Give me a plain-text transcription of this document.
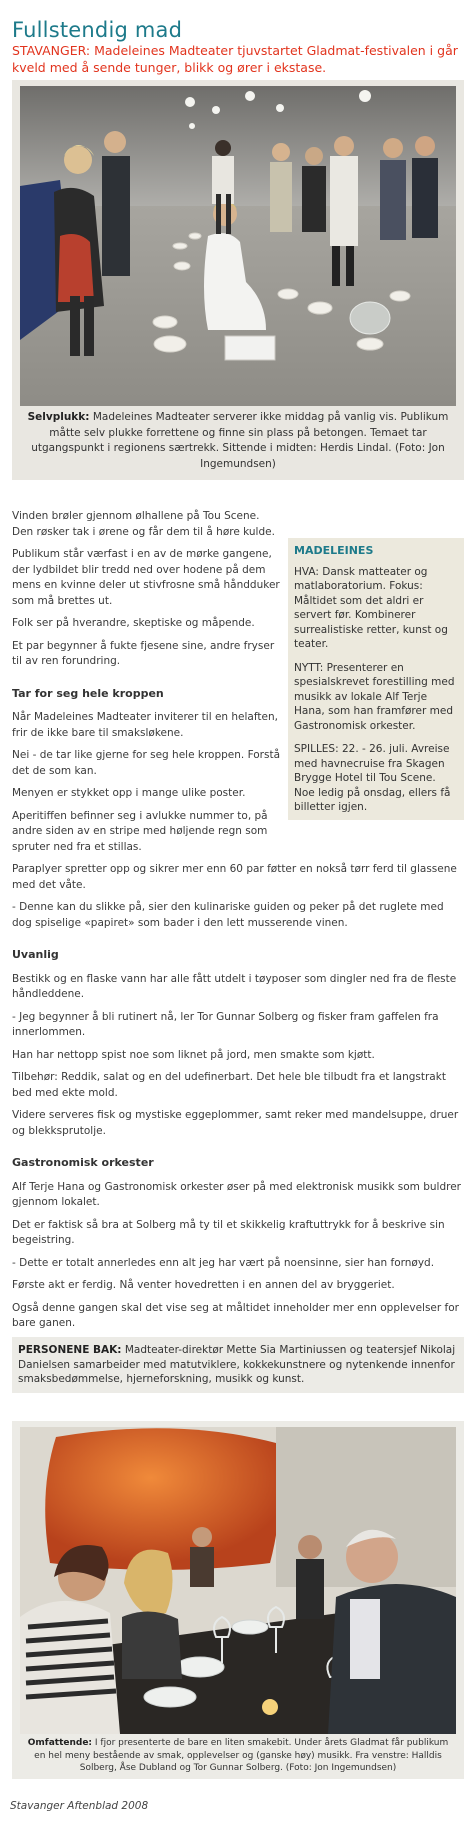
Fullstendig mad
STAVANGER: Madeleines Madteater tjuvstartet Gladmat-festivalen i går kveld med å sende tunger, blikk og ører i ekstase.
Selvplukk: Madeleines Madteater serverer ikke middag på vanlig vis. Publikum måtte selv plukke forrettene og finne sin plass på betongen. Temaet tar utgangspunkt i regionens særtrekk. Sittende i midten: Herdis Lindal. (Foto: Jon Ingemundsen)
Vinden brøler gjennom ølhallene på Tou Scene. Den røsker tak i ørene og får dem til å høre kulde.
Publikum står værfast i en av de mørke gangene, der lydbildet blir tredd ned over hodene på dem mens en kvinne deler ut stivfrosne små håndduker som må brettes ut.
Folk ser på hverandre, skeptiske og måpende.
Et par begynner å fukte fjesene sine, andre fryser til av ren forundring.
Tar for seg hele kroppen
Når Madeleines Madteater inviterer til en helaften, frir de ikke bare til smaksløkene.
Nei - de tar like gjerne for seg hele kroppen. Forstå det de som kan.
Menyen er stykket opp i mange ulike poster.
Aperitiffen befinner seg i avlukke nummer to, på andre siden av en stripe med høljende regn som spruter ned fra et stillas.
Paraplyer spretter opp og sikrer mer enn 60 par føtter en nokså tørr ferd til glassene med det våte.
- Denne kan du slikke på, sier den kulinariske guiden og peker på det ruglete med dog spiselige «papiret» som bader i den lett musserende vinen.
Uvanlig
Bestikk og en flaske vann har alle fått utdelt i tøyposer som dingler ned fra de fleste håndleddene.
- Jeg begynner å bli rutinert nå, ler Tor Gunnar Solberg og fisker fram gaffelen fra innerlommen.
Han har nettopp spist noe som liknet på jord, men smakte som kjøtt.
Tilbehør: Reddik, salat og en del udefinerbart. Det hele ble tilbudt fra et langstrakt bed med ekte mold.
Videre serveres fisk og mystiske eggeplommer, samt reker med mandelsuppe, druer og blekksprutolje.
Gastronomisk orkester
Alf Terje Hana og Gastronomisk orkester øser på med elektronisk musikk som buldrer gjennom lokalet.
Det er faktisk så bra at Solberg må ty til et skikkelig kraftuttrykk for å beskrive sin begeistring.
- Dette er totalt annerledes enn alt jeg har vært på noensinne, sier han fornøyd.
Første akt er ferdig. Nå venter hovedretten i en annen del av bryggeriet.
Også denne gangen skal det vise seg at måltidet inneholder mer enn opplevelser for bare ganen.
MADELEINES
HVA: Dansk matteater og matlaboratorium. Fokus: Måltidet som det aldri er servert før. Kombinerer surrealistiske retter, kunst og teater.
NYTT: Presenterer en spesialskrevet forestilling med musikk av lokale Alf Terje Hana, som han framfører med Gastronomisk orkester.
SPILLES: 22. - 26. juli. Avreise med havnecruise fra Skagen Brygge Hotel til Tou Scene. Noe ledig på onsdag, ellers få billetter igjen.
PERSONENE BAK: Madteater-direktør Mette Sia Martiniussen og teatersjef Nikolaj Danielsen samarbeider med matutviklere, kokkekunstnere og nytenkende innenfor smaksbedømmelse, hjerneforskning, musikk og kunst.
Omfattende: I fjor presenterte de bare en liten smakebit. Under årets Gladmat får publikum en hel meny bestående av smak, opplevelser og (ganske høy) musikk. Fra venstre: Halldis Solberg, Åse Dubland og Tor Gunnar Solberg. (Foto: Jon Ingemundsen)
Stavanger Aftenblad 2008
